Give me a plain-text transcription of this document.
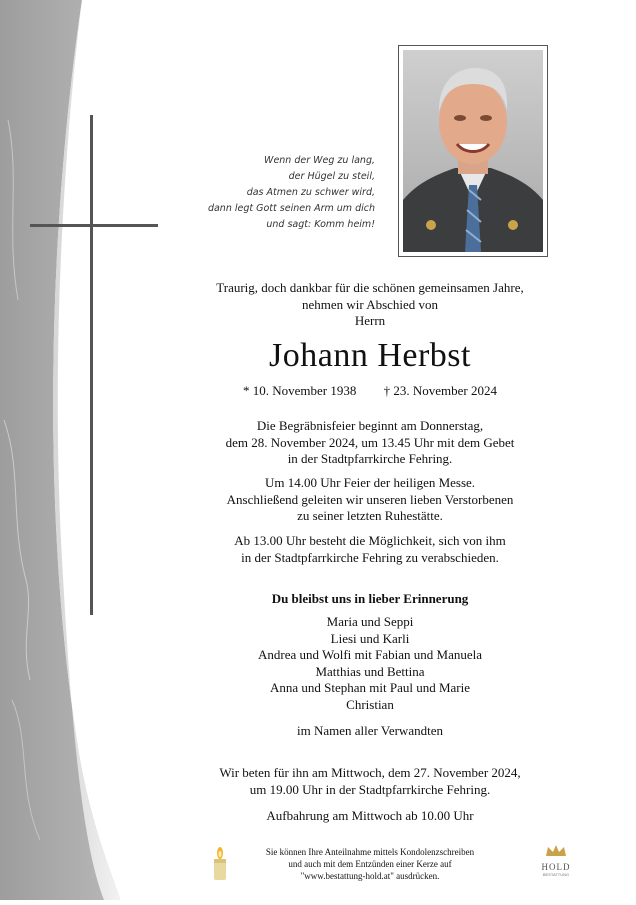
Wenn der Weg zu lang,
der Hügel zu steil,
das Atmen zu schwer wird,
dann legt Gott seinen Arm um dich
und sagt: Komm heim!
Traurig, doch dankbar für die schönen gemeinsamen Jahre,
nehmen wir Abschied von
Herrn
Johann Herbst
* 10. November 1938 † 23. November 2024
Die Begräbnisfeier beginnt am Donnerstag,
dem 28. November 2024, um 13.45 Uhr mit dem Gebet
in der Stadtpfarrkirche Fehring.
Um 14.00 Uhr Feier der heiligen Messe.
Anschließend geleiten wir unseren lieben Verstorbenen
zu seiner letzten Ruhestätte.
Ab 13.00 Uhr besteht die Möglichkeit, sich von ihm
in der Stadtpfarrkirche Fehring zu verabschieden.
Du bleibst uns in lieber Erinnerung
Maria und Seppi
Liesi und Karli
Andrea und Wolfi mit Fabian und Manuela
Matthias und Bettina
Anna und Stephan mit Paul und Marie
Christian
im Namen aller Verwandten
Wir beten für ihn am Mittwoch, dem 27. November 2024,
um 19.00 Uhr in der Stadtpfarrkirche Fehring.
Aufbahrung am Mittwoch ab 10.00 Uhr
Sie können Ihre Anteilnahme mittels Kondolenzschreiben
und auch mit dem Entzünden einer Kerze auf
"www.bestattung-hold.at" ausdrücken.
HOLD
BESTATTUNG
